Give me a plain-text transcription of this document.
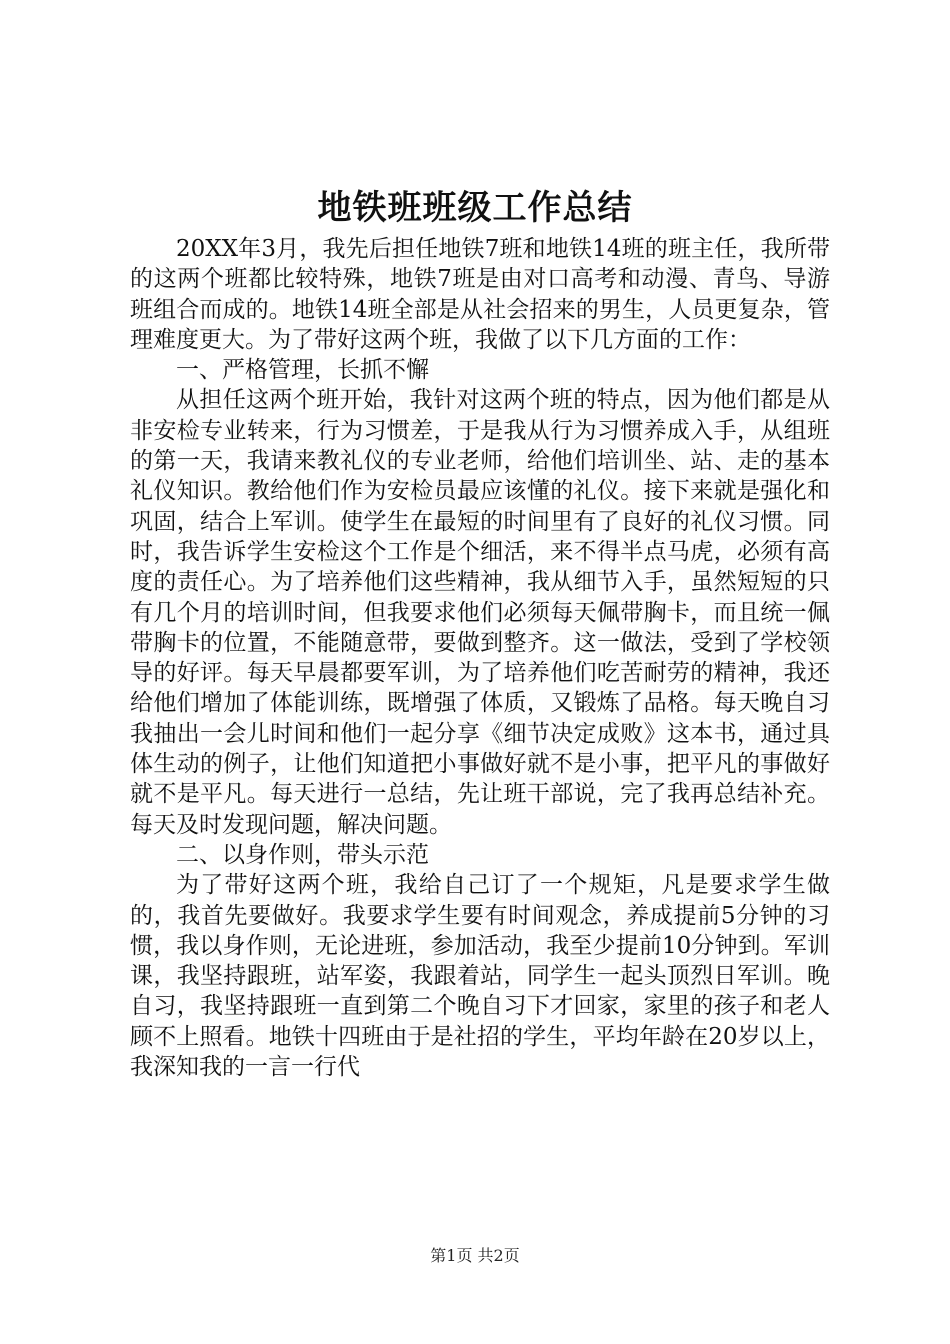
地铁班班级工作总结

20XX年3月，我先后担任地铁7班和地铁14班的班主任，我所带的这两个班都比较特殊，地铁7班是由对口高考和动漫、青鸟、导游班组合而成的。地铁14班全部是从社会招来的男生，人员更复杂，管理难度更大。为了带好这两个班，我做了以下几方面的工作：

一、严格管理，长抓不懈

从担任这两个班开始，我针对这两个班的特点，因为他们都是从非安检专业转来，行为习惯差，于是我从行为习惯养成入手，从组班的第一天，我请来教礼仪的专业老师，给他们培训坐、站、走的基本礼仪知识。教给他们作为安检员最应该懂的礼仪。接下来就是强化和巩固，结合上军训。使学生在最短的时间里有了良好的礼仪习惯。同时，我告诉学生安检这个工作是个细活，来不得半点马虎，必须有高度的责任心。为了培养他们这些精神，我从细节入手，虽然短短的只有几个月的培训时间，但我要求他们必须每天佩带胸卡，而且统一佩带胸卡的位置，不能随意带，要做到整齐。这一做法，受到了学校领导的好评。每天早晨都要军训，为了培养他们吃苦耐劳的精神，我还给他们增加了体能训练，既增强了体质，又锻炼了品格。每天晚自习我抽出一会儿时间和他们一起分享《细节决定成败》这本书，通过具体生动的例子，让他们知道把小事做好就不是小事，把平凡的事做好就不是平凡。每天进行一总结，先让班干部说，完了我再总结补充。每天及时发现问题，解决问题。

二、以身作则，带头示范

为了带好这两个班，我给自己订了一个规矩，凡是要求学生做的，我首先要做好。我要求学生要有时间观念，养成提前5分钟的习惯，我以身作则，无论进班，参加活动，我至少提前10分钟到。军训课，我坚持跟班，站军姿，我跟着站，同学生一起头顶烈日军训。晚自习，我坚持跟班一直到第二个晚自习下才回家，家里的孩子和老人顾不上照看。地铁十四班由于是社招的学生，平均年龄在20岁以上，我深知我的一言一行代

第1页 共2页
